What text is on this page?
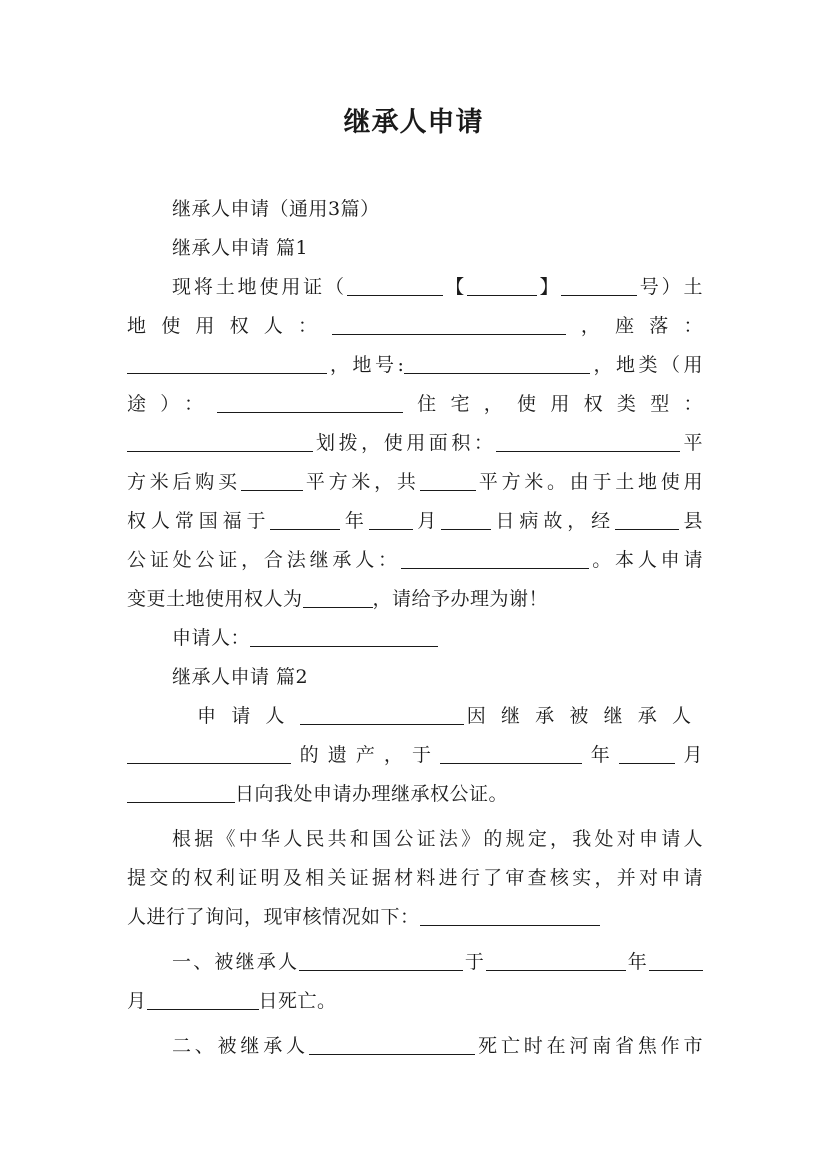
继承人申请

继承人申请（通用3篇）

继承人申请 篇1

现将土地使用证（	【	】	号）土

地使用权人：	，座落：

，地号:	，地类（用

途）：	住宅，使用权类型：

划拨，使用面积：	平

方米后购买	平方米，共	平方米。由于土地使用

权人常国福于	年 月	日病故，经	县

公证处公证，合法继承人：	。本人申请

变更土地使用权人为	，请给予办理为谢！

申请人：

继承人申请 篇2

申请人	因继承被继承人

的遗产，于	年	月

日向我处申请办理继承权公证。

根据《中华人民共和国公证法》的规定，我处对申请人

提交的权利证明及相关证据材料进行了审查核实，并对申请

人进行了询问，现审核情况如下：

一、被继承人	于	年

月	日死亡。

二、被继承人	死亡时在河南省焦作市
